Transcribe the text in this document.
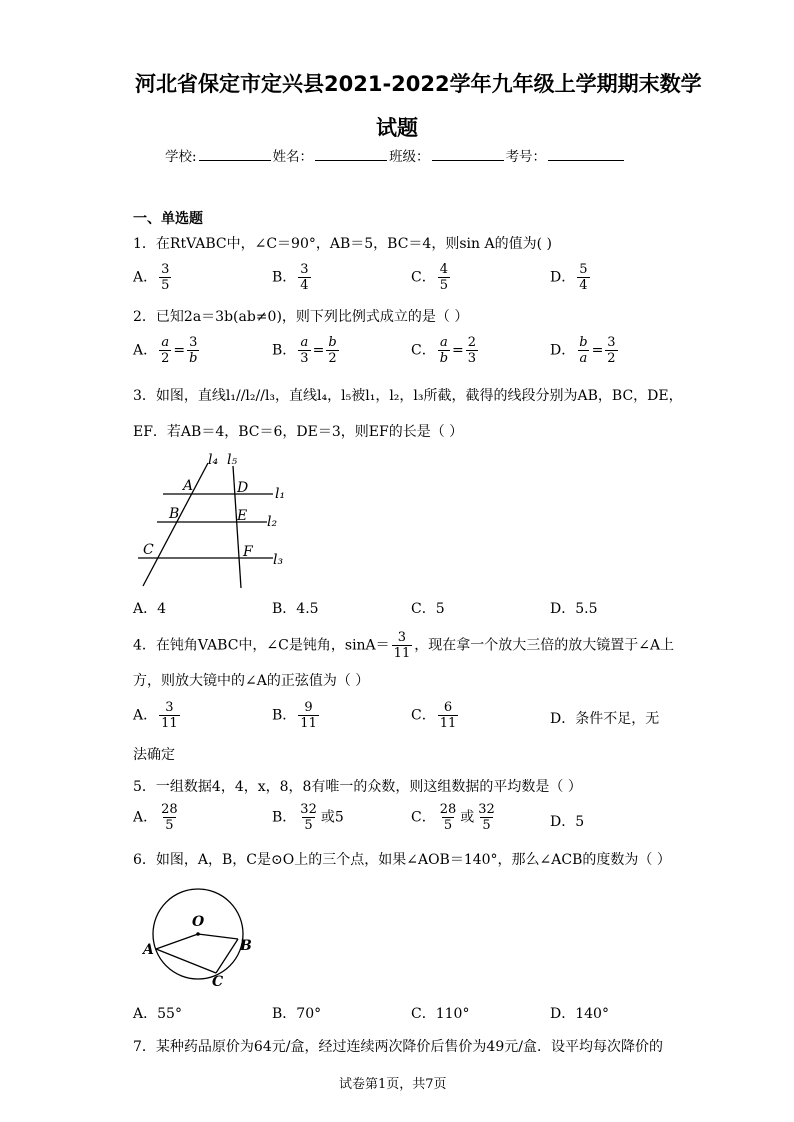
河北省保定市定兴县2021-2022学年九年级上学期期末数学
试题
学校:	姓名：	班级：	考号：
一、单选题
1．在RtVABC中，∠C＝90°，AB＝5，BC＝4，则sin A的值为( )
A． $\frac{3}{5}$	B． $\frac{3}{4}$	C． $\frac{4}{5}$	D． $\frac{5}{4}$
2．已知2a＝3b(ab≠0)，则下列比例式成立的是（ ）
A． $\frac{a}{2} = \frac{3}{b}$	B． $\frac{a}{3} = \frac{b}{2}$	C． $\frac{a}{b} = \frac{2}{3}$	D． $\frac{b}{a} = \frac{3}{2}$
3．如图，直线l₁//l₂//l₃，直线l₄，l₅被l₁，l₂，l₃所截，截得的线段分别为AB，BC，DE，
EF．若AB＝4，BC＝6，DE＝3，则EF的长是（ ）
l₄ l₅
l₁
l₂
l₃
A
B
C
D
E
F
A．4	B．4.5	C．5	D．5.5
4．在钝角VABC中，∠C是钝角，$\sin A= \frac{3}{11}$ ，现在拿一个放大三倍的放大镜置于∠A上
方，则放大镜中的∠A的正弦值为（ ）
A． $\frac{3}{11}$	B． $\frac{9}{11}$	C． $\frac{6}{11}$	D．条件不足，无
法确定
5．一组数据4，4，x，8，8有唯一的众数，则这组数据的平均数是（ ）
A． $\frac{28}{5}$	B． $\frac{32}{5}$ 或5	C． $\frac{28}{5}$ 或 $\frac{32}{5}$	D．5
6．如图，A，B，C是⊙O上的三个点，如果∠AOB＝140°，那么∠ACB的度数为（ ）
O
A	B
C
A．55°	B．70°	C．110°	D．140°
7．某种药品原价为64元/盒，经过连续两次降价后售价为49元/盒．设平均每次降价的
试卷第1页，共7页
